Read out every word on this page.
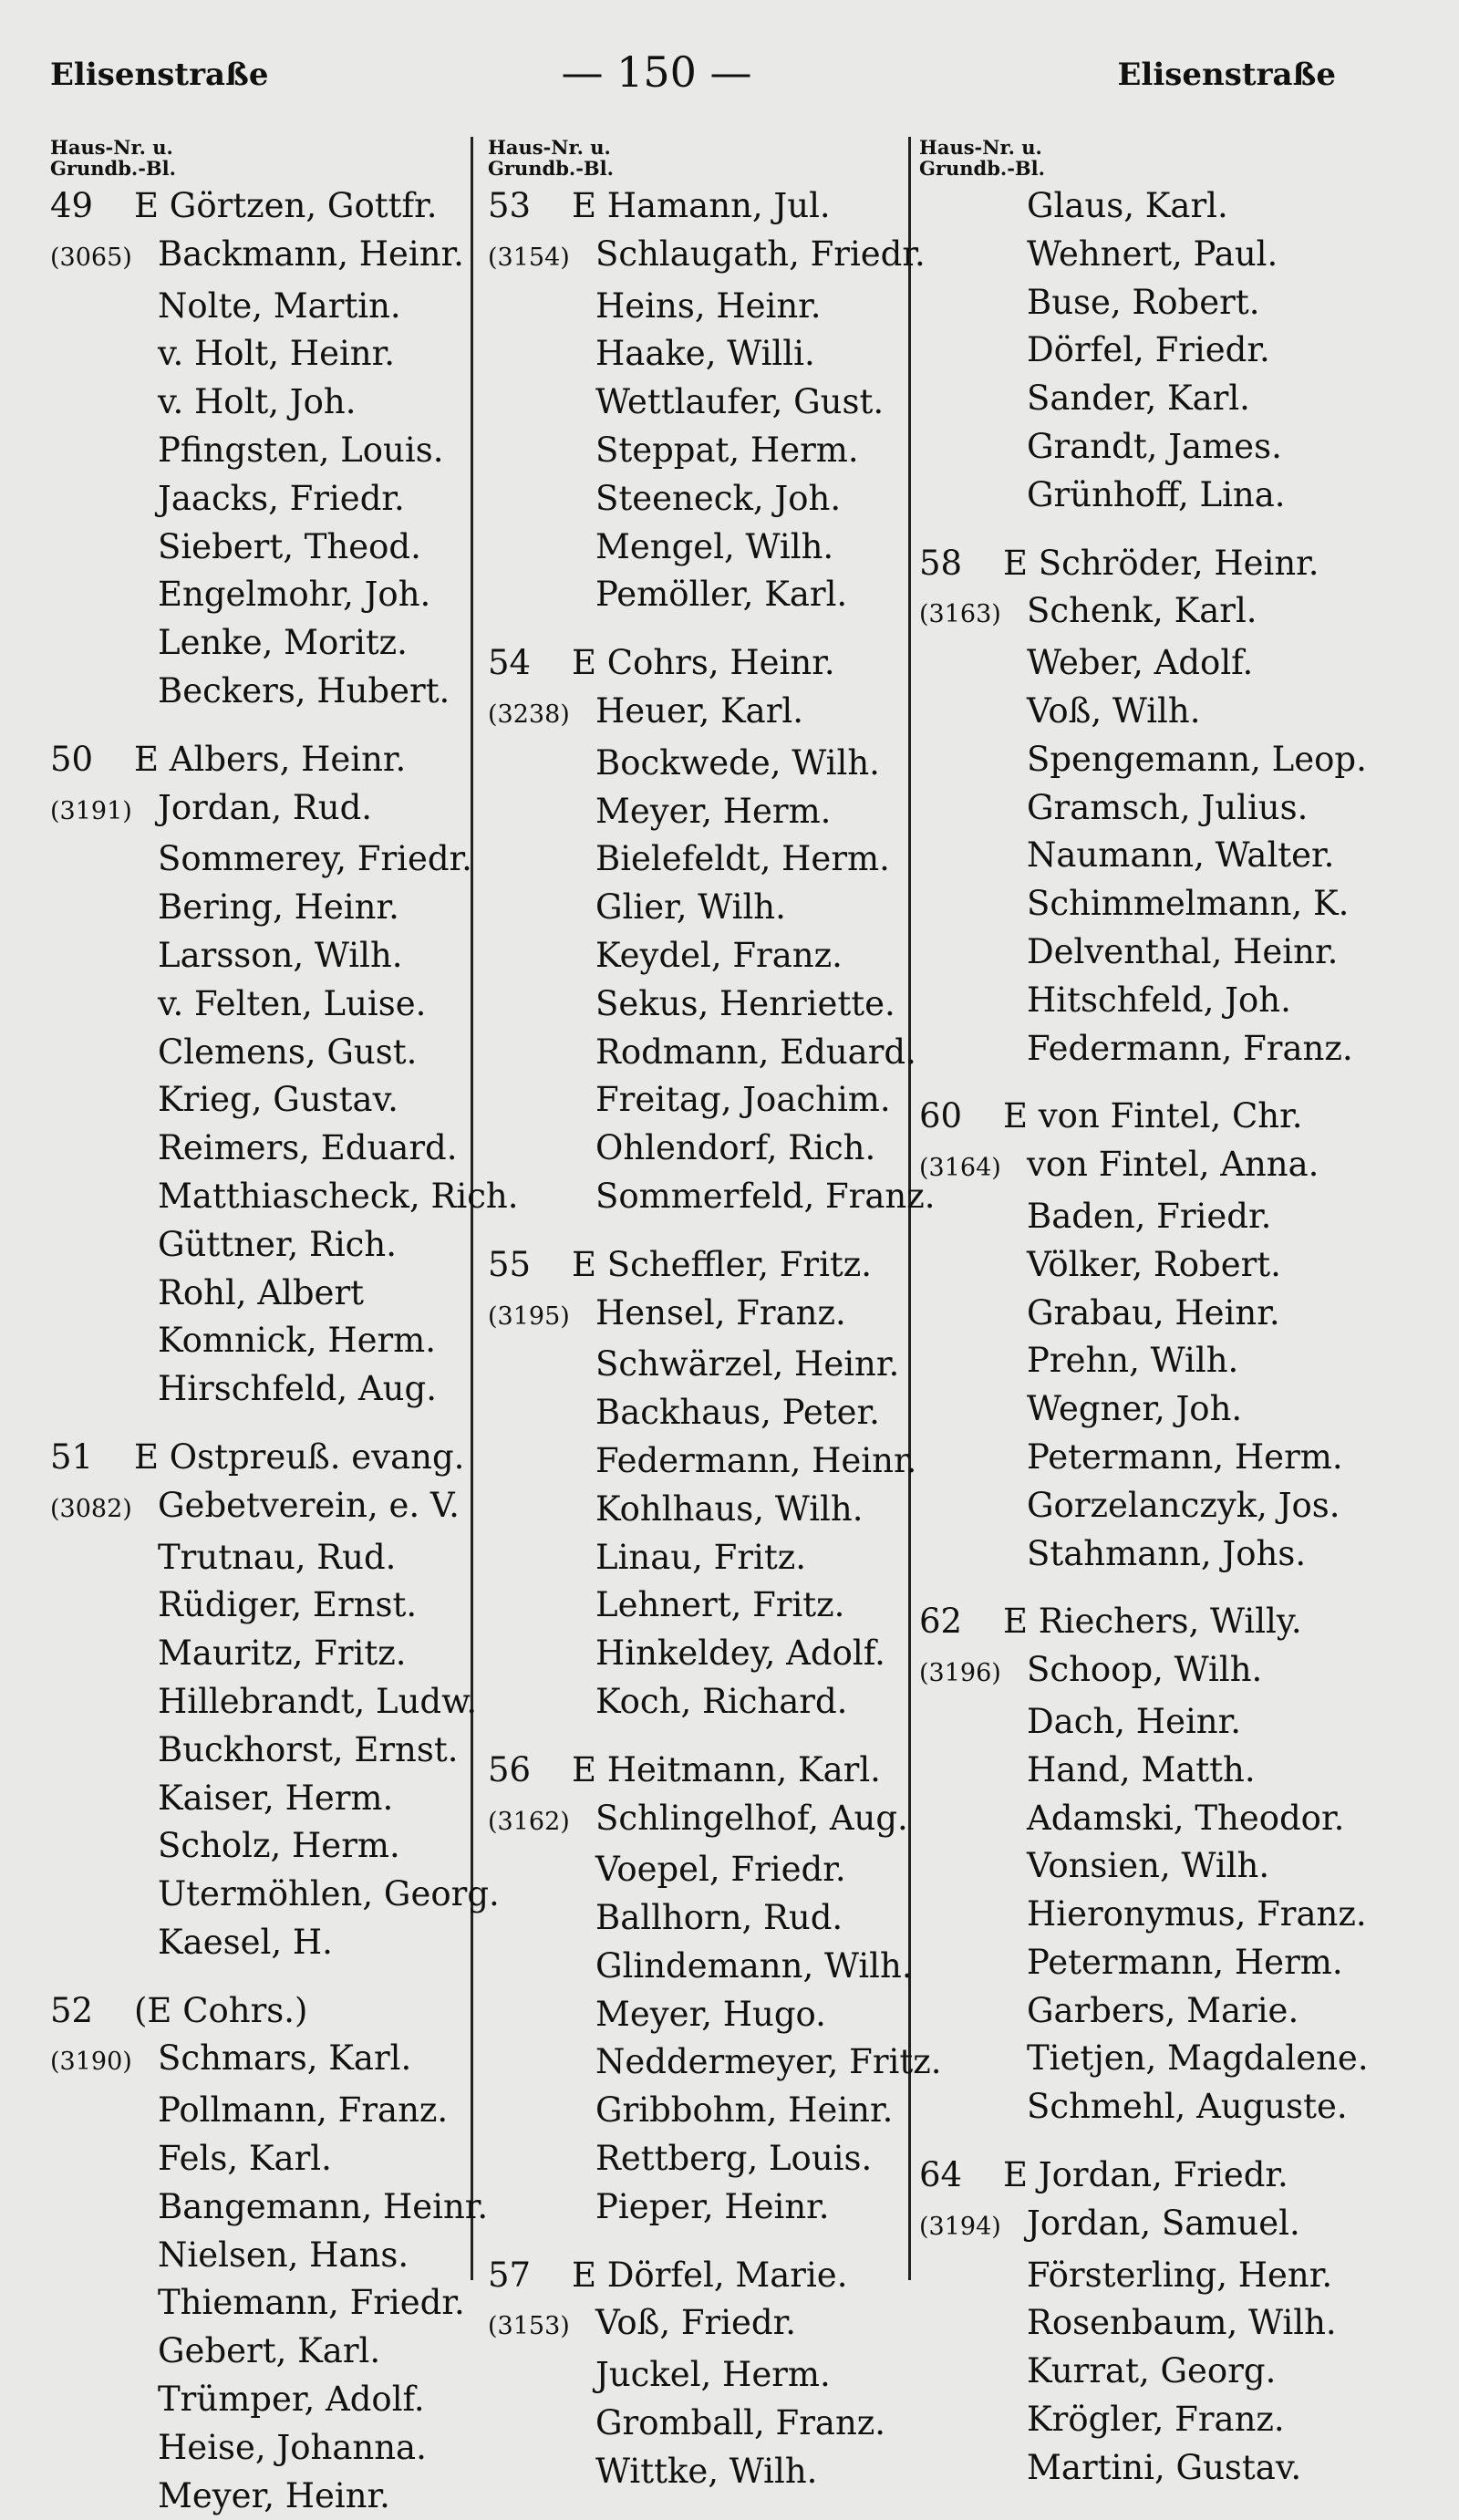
Elisenstraße	— 150 —	Elisenstraße
Haus-Nr. u.
Grundb.-Bl.
49 E Görtzen, Gottfr.
(3065) Backmann, Heinr.
Nolte, Martin.
v. Holt, Heinr.
v. Holt, Joh.
Pfingsten, Louis.
Jaacks, Friedr.
Siebert, Theod.
Engelmohr, Joh.
Lenke, Moritz.
Beckers, Hubert.
50 E Albers, Heinr.
(3191) Jordan, Rud.
Sommerey, Friedr.
Bering, Heinr.
Larsson, Wilh.
v. Felten, Luise.
Clemens, Gust.
Krieg, Gustav.
Reimers, Eduard.
Matthiascheck, Rich.
Güttner, Rich.
Rohl, Albert
Komnick, Herm.
Hirschfeld, Aug.
51 E Ostpreuß. evang.
(3082) Gebetverein, e. V.
Trutnau, Rud.
Rüdiger, Ernst.
Mauritz, Fritz.
Hillebrandt, Ludw.
Buckhorst, Ernst.
Kaiser, Herm.
Scholz, Herm.
Utermöhlen, Georg.
Kaesel, H.
52 (E Cohrs.)
(3190) Schmars, Karl.
Pollmann, Franz.
Fels, Karl.
Bangemann, Heinr.
Nielsen, Hans.
Thiemann, Friedr.
Gebert, Karl.
Trümper, Adolf.
Heise, Johanna.
Meyer, Heinr.
Haus-Nr. u.
Grundb.-Bl.
53 E Hamann, Jul.
(3154) Schlaugath, Friedr.
Heins, Heinr.
Haake, Willi.
Wettlaufer, Gust.
Steppat, Herm.
Steeneck, Joh.
Mengel, Wilh.
Pemöller, Karl.
54 E Cohrs, Heinr.
(3238) Heuer, Karl.
Bockwede, Wilh.
Meyer, Herm.
Bielefeldt, Herm.
Glier, Wilh.
Keydel, Franz.
Sekus, Henriette.
Rodmann, Eduard.
Freitag, Joachim.
Ohlendorf, Rich.
Sommerfeld, Franz.
55 E Scheffler, Fritz.
(3195) Hensel, Franz.
Schwärzel, Heinr.
Backhaus, Peter.
Federmann, Heinr.
Kohlhaus, Wilh.
Linau, Fritz.
Lehnert, Fritz.
Hinkeldey, Adolf.
Koch, Richard.
56 E Heitmann, Karl.
(3162) Schlingelhof, Aug.
Voepel, Friedr.
Ballhorn, Rud.
Glindemann, Wilh.
Meyer, Hugo.
Neddermeyer, Fritz.
Gribbohm, Heinr.
Rettberg, Louis.
Pieper, Heinr.
57 E Dörfel, Marie.
(3153) Voß, Friedr.
Juckel, Herm.
Gromball, Franz.
Wittke, Wilh.
Haus-Nr. u.
Grundb.-Bl.
Glaus, Karl.
Wehnert, Paul.
Buse, Robert.
Dörfel, Friedr.
Sander, Karl.
Grandt, James.
Grünhoff, Lina.
58 E Schröder, Heinr.
(3163) Schenk, Karl.
Weber, Adolf.
Voß, Wilh.
Spengemann, Leop.
Gramsch, Julius.
Naumann, Walter.
Schimmelmann, K.
Delventhal, Heinr.
Hitschfeld, Joh.
Federmann, Franz.
60 E von Fintel, Chr.
(3164) von Fintel, Anna.
Baden, Friedr.
Völker, Robert.
Grabau, Heinr.
Prehn, Wilh.
Wegner, Joh.
Petermann, Herm.
Gorzelanczyk, Jos.
Stahmann, Johs.
62 E Riechers, Willy.
(3196) Schoop, Wilh.
Dach, Heinr.
Hand, Matth.
Adamski, Theodor.
Vonsien, Wilh.
Hieronymus, Franz.
Petermann, Herm.
Garbers, Marie.
Tietjen, Magdalene.
Schmehl, Auguste.
64 E Jordan, Friedr.
(3194) Jordan, Samuel.
Försterling, Henr.
Rosenbaum, Wilh.
Kurrat, Georg.
Krögler, Franz.
Martini, Gustav.
